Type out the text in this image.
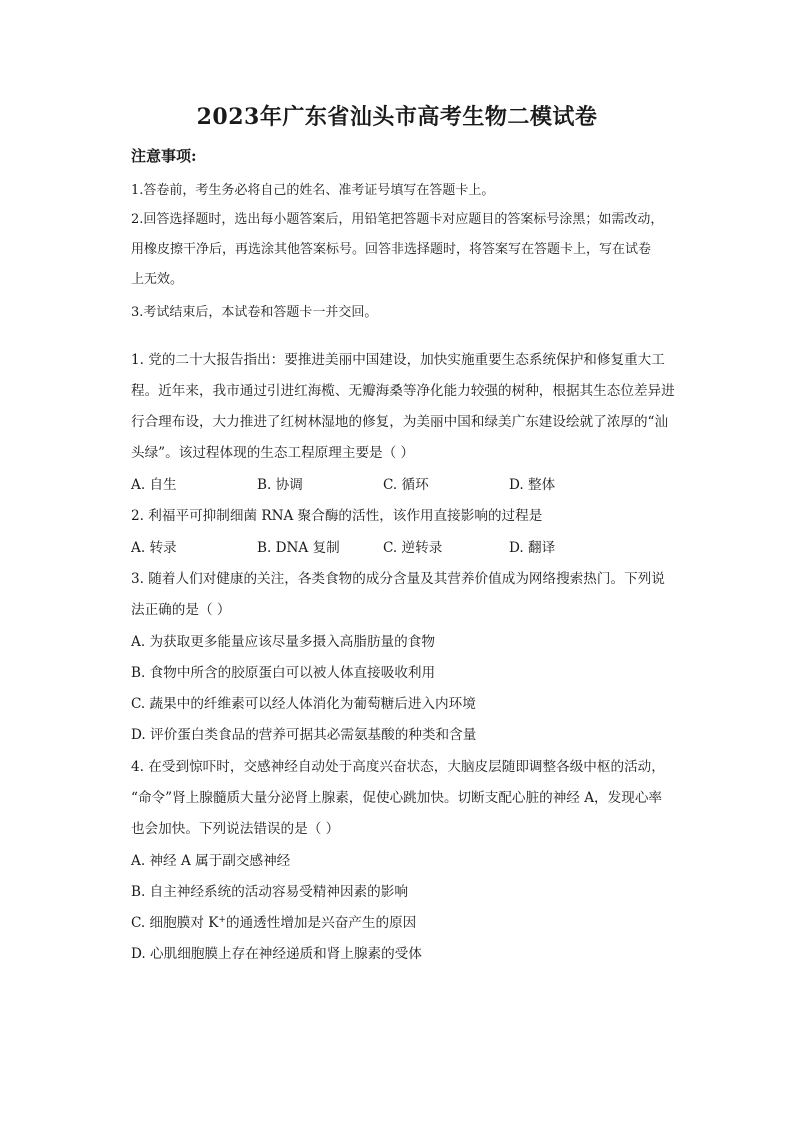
2023年广东省汕头市高考生物二模试卷
注意事项:
1.答卷前，考生务必将自己的姓名、准考证号填写在答题卡上。
2.回答选择题时，选出每小题答案后，用铅笔把答题卡对应题目的答案标号涂黑；如需改动，
用橡皮擦干净后，再选涂其他答案标号。回答非选择题时，将答案写在答题卡上，写在试卷
上无效。
3.考试结束后，本试卷和答题卡一并交回。
1. 党的二十大报告指出：要推进美丽中国建设，加快实施重要生态系统保护和修复重大工
程。近年来，我市通过引进红海榄、无瓣海桑等净化能力较强的树种，根据其生态位差异进
行合理布设，大力推进了红树林湿地的修复，为美丽中国和绿美广东建设绘就了浓厚的“汕
头绿”。该过程体现的生态工程原理主要是（ ）
A. 自生	B. 协调	C. 循环	D. 整体
2. 利福平可抑制细菌 RNA 聚合酶的活性，该作用直接影响的过程是
A. 转录	B. DNA 复制	C. 逆转录	D. 翻译
3. 随着人们对健康的关注，各类食物的成分含量及其营养价值成为网络搜索热门。下列说
法正确的是（ ）
A. 为获取更多能量应该尽量多摄入高脂肪量的食物
B. 食物中所含的胶原蛋白可以被人体直接吸收利用
C. 蔬果中的纤维素可以经人体消化为葡萄糖后进入内环境
D. 评价蛋白类食品的营养可据其必需氨基酸的种类和含量
4. 在受到惊吓时，交感神经自动处于高度兴奋状态，大脑皮层随即调整各级中枢的活动，
“命令”肾上腺髓质大量分泌肾上腺素，促使心跳加快。切断支配心脏的神经 A，发现心率
也会加快。下列说法错误的是（ ）
A. 神经 A 属于副交感神经
B. 自主神经系统的活动容易受精神因素的影响
C. 细胞膜对 K+的通透性增加是兴奋产生的原因
D. 心肌细胞膜上存在神经递质和肾上腺素的受体
